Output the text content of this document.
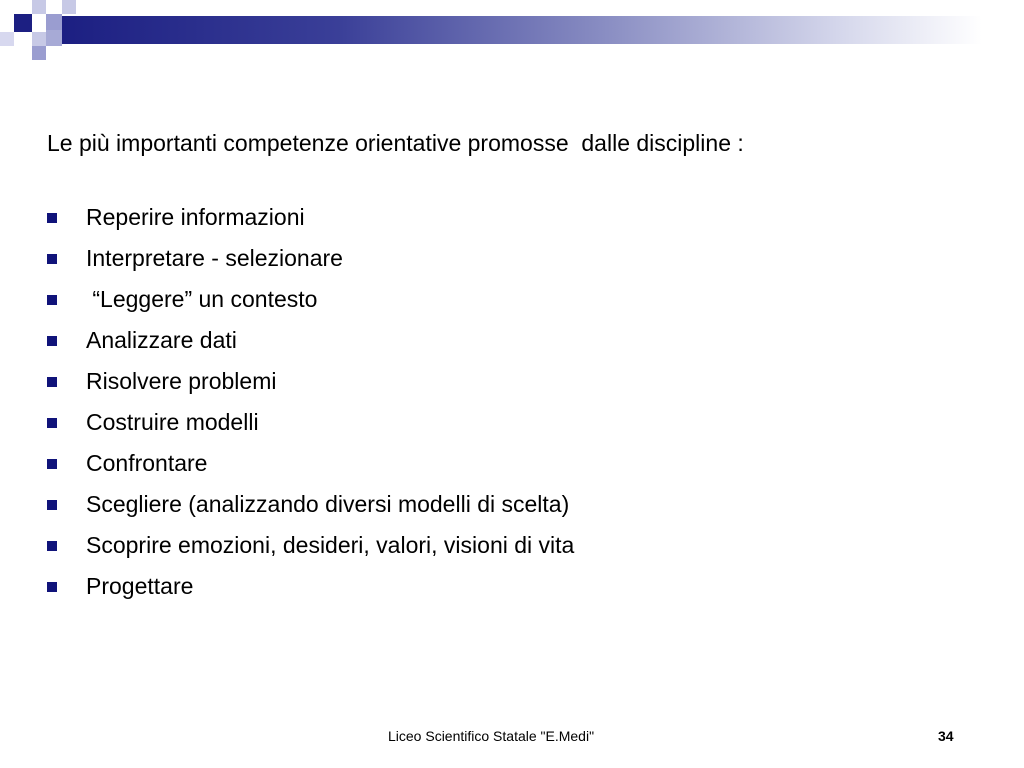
Le più importanti competenze orientative promosse  dalle discipline :

Reperire informazioni

Interpretare - selezionare

“Leggere” un contesto

Analizzare dati

Risolvere problemi

Costruire modelli

Confrontare

Scegliere (analizzando diversi modelli di scelta)

Scoprire emozioni, desideri, valori, visioni di vita

Progettare

Liceo Scientifico Statale "E.Medi"	34
